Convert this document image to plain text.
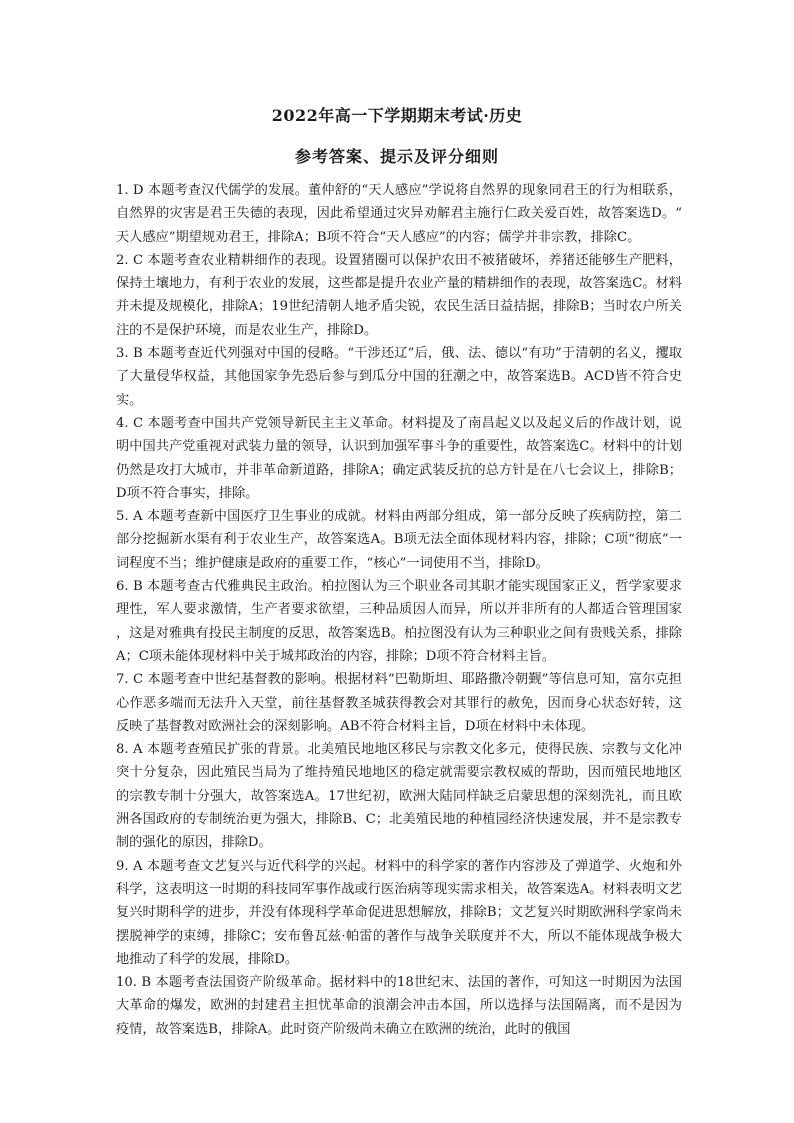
2022年高一下学期期末考试·历史
参考答案、提示及评分细则

1. D 本题考查汉代儒学的发展。董仲舒的“天人感应”学说将自然界的现象同君王的行为相联系，自然界的灾害是君王失德的表现，因此希望通过灾异劝解君主施行仁政关爱百姓，故答案选D。“天人感应”期望规劝君王，排除A；B项不符合“天人感应”的内容；儒学并非宗教，排除C。

2. C 本题考查农业精耕细作的表现。设置猪圈可以保护农田不被猪破坏，养猪还能够生产肥料，保持土壤地力，有利于农业的发展，这些都是提升农业产量的精耕细作的表现，故答案选C。材料并未提及规模化，排除A；19世纪清朝人地矛盾尖锐，农民生活日益拮据，排除B；当时农户所关注的不是保护环境，而是农业生产，排除D。

3. B 本题考查近代列强对中国的侵略。“干涉还辽”后，俄、法、德以“有功”于清朝的名义，攫取了大量侵华权益，其他国家争先恐后参与到瓜分中国的狂潮之中，故答案选B。ACD皆不符合史实。

4. C 本题考查中国共产党领导新民主主义革命。材料提及了南昌起义以及起义后的作战计划，说明中国共产党重视对武装力量的领导，认识到加强军事斗争的重要性，故答案选C。材料中的计划仍然是攻打大城市，并非革命新道路，排除A；确定武装反抗的总方针是在八七会议上，排除B；D项不符合事实，排除。

5. A 本题考查新中国医疗卫生事业的成就。材料由两部分组成，第一部分反映了疾病防控，第二部分挖掘新水渠有利于农业生产，故答案选A。B项无法全面体现材料内容，排除；C项“彻底”一词程度不当；维护健康是政府的重要工作，“核心”一词使用不当，排除D。

6. B 本题考查古代雅典民主政治。柏拉图认为三个职业各司其职才能实现国家正义，哲学家要求理性，军人要求激情，生产者要求欲望，三种品质因人而异，所以并非所有的人都适合管理国家，这是对雅典有投民主制度的反思，故答案选B。柏拉图没有认为三种职业之间有贵贱关系，排除A；C项未能体现材料中关于城邦政治的内容，排除；D项不符合材料主旨。

7. C 本题考查中世纪基督教的影响。根据材料“巴勒斯坦、耶路撒冷朝觐”等信息可知，富尔克担心作恶多端而无法升入天堂，前往基督教圣城获得教会对其罪行的赦免，因而身心状态好转，这反映了基督教对欧洲社会的深刻影响。AB不符合材料主旨，D项在材料中未体现。

8. A 本题考查殖民扩张的背景。北美殖民地地区移民与宗教文化多元，使得民族、宗教与文化冲突十分复杂，因此殖民当局为了维持殖民地地区的稳定就需要宗教权威的帮助，因而殖民地地区的宗教专制十分强大，故答案选A。17世纪初，欧洲大陆同样缺乏启蒙思想的深刻洗礼，而且欧洲各国政府的专制统治更为强大，排除B、C；北美殖民地的种植园经济快速发展，并不是宗教专制的强化的原因，排除D。

9. A 本题考查文艺复兴与近代科学的兴起。材料中的科学家的著作内容涉及了弹道学、火炮和外科学，这表明这一时期的科技同军事作战或行医治病等现实需求相关，故答案选A。材料表明文艺复兴时期科学的进步，并没有体现科学革命促进思想解放，排除B；文艺复兴时期欧洲科学家尚未摆脱神学的束缚，排除C；安布鲁瓦兹·帕雷的著作与战争关联度并不大，所以不能体现战争极大地推动了科学的发展，排除D。

10. B 本题考查法国资产阶级革命。据材料中的18世纪末、法国的著作，可知这一时期因为法国大革命的爆发，欧洲的封建君主担忧革命的浪潮会冲击本国，所以选择与法国隔离，而不是因为疫情，故答案选B，排除A。此时资产阶级尚未确立在欧洲的统治，此时的俄国
